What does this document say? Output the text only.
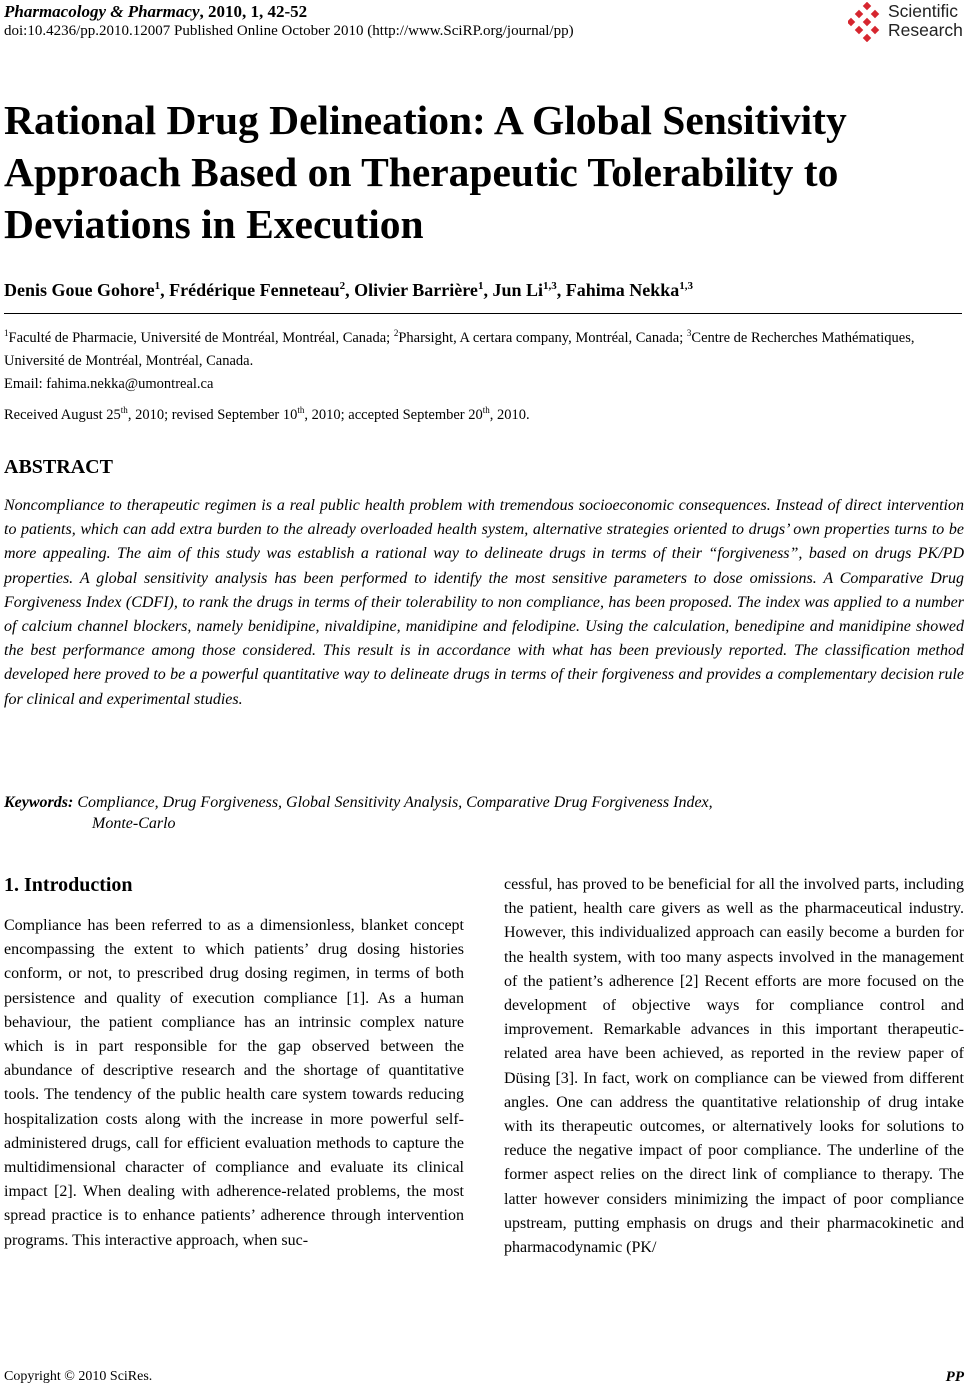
Pharmacology & Pharmacy, 2010, 1, 42-52
doi:10.4236/pp.2010.12007 Published Online October 2010 (http://www.SciRP.org/journal/pp)
Scientific
Research
Rational Drug Delineation: A Global Sensitivity Approach Based on Therapeutic Tolerability to Deviations in Execution
Denis Goue Gohore$^1$, Frédérique Fenneteau$^2$, Olivier Barrière$^1$, Jun Li$^{1,3}$, Fahima Nekka$^{1,3}$
$^1$Faculté de Pharmacie, Université de Montréal, Montréal, Canada; $^2$Pharsight, A certara company, Montréal, Canada; $^3$Centre de Recherches Mathématiques, Université de Montréal, Montréal, Canada.
Email: fahima.nekka@umontreal.ca
Received August 25th, 2010; revised September 10th, 2010; accepted September 20th, 2010.
ABSTRACT
Noncompliance to therapeutic regimen is a real public health problem with tremendous socioeconomic consequences. Instead of direct intervention to patients, which can add extra burden to the already overloaded health system, alternative strategies oriented to drugs’ own properties turns to be more appealing. The aim of this study was establish a rational way to delineate drugs in terms of their “forgiveness”, based on drugs PK/PD properties. A global sensitivity analysis has been performed to identify the most sensitive parameters to dose omissions. A Comparative Drug Forgiveness Index (CDFI), to rank the drugs in terms of their tolerability to non compliance, has been proposed. The index was applied to a number of calcium channel blockers, namely benidipine, nivaldipine, manidipine and felodipine. Using the calculation, benedipine and manidipine showed the best performance among those considered. This result is in accordance with what has been previously reported. The classification method developed here proved to be a powerful quantitative way to delineate drugs in terms of their forgiveness and provides a complementary decision rule for clinical and experimental studies.
Keywords: Compliance, Drug Forgiveness, Global Sensitivity Analysis, Comparative Drug Forgiveness Index,
Monte-Carlo
1. Introduction
Compliance has been referred to as a dimensionless, blanket concept encompassing the extent to which patients’ drug dosing histories conform, or not, to prescribed drug dosing regimen, in terms of both persistence and quality of execution compliance [1]. As a human behaviour, the patient compliance has an intrinsic complex nature which is in part responsible for the gap observed between the abundance of descriptive research and the shortage of quantitative tools. The tendency of the public health care system towards reducing hospitalization costs along with the increase in more powerful self-administered drugs, call for efficient evaluation methods to capture the multidimensional character of compliance and evaluate its clinical impact [2]. When dealing with adherence-related problems, the most spread practice is to enhance patients’ adherence through intervention programs. This interactive approach, when suc-
cessful, has proved to be beneficial for all the involved parts, including the patient, health care givers as well as the pharmaceutical industry. However, this individualized approach can easily become a burden for the health system, with too many aspects involved in the management of the patient’s adherence [2] Recent efforts are more focused on the development of objective ways for compliance control and improvement. Remarkable advances in this important therapeutic-related area have been achieved, as reported in the review paper of Düsing [3]. In fact, work on compliance can be viewed from different angles. One can address the quantitative relationship of drug intake with its therapeutic outcomes, or alternatively looks for solutions to reduce the negative impact of poor compliance. The underline of the former aspect relies on the direct link of compliance to therapy. The latter however considers minimizing the impact of poor compliance upstream, putting emphasis on drugs and their pharmacokinetic and pharmacodynamic (PK/
Copyright © 2010 SciRes.	PP
